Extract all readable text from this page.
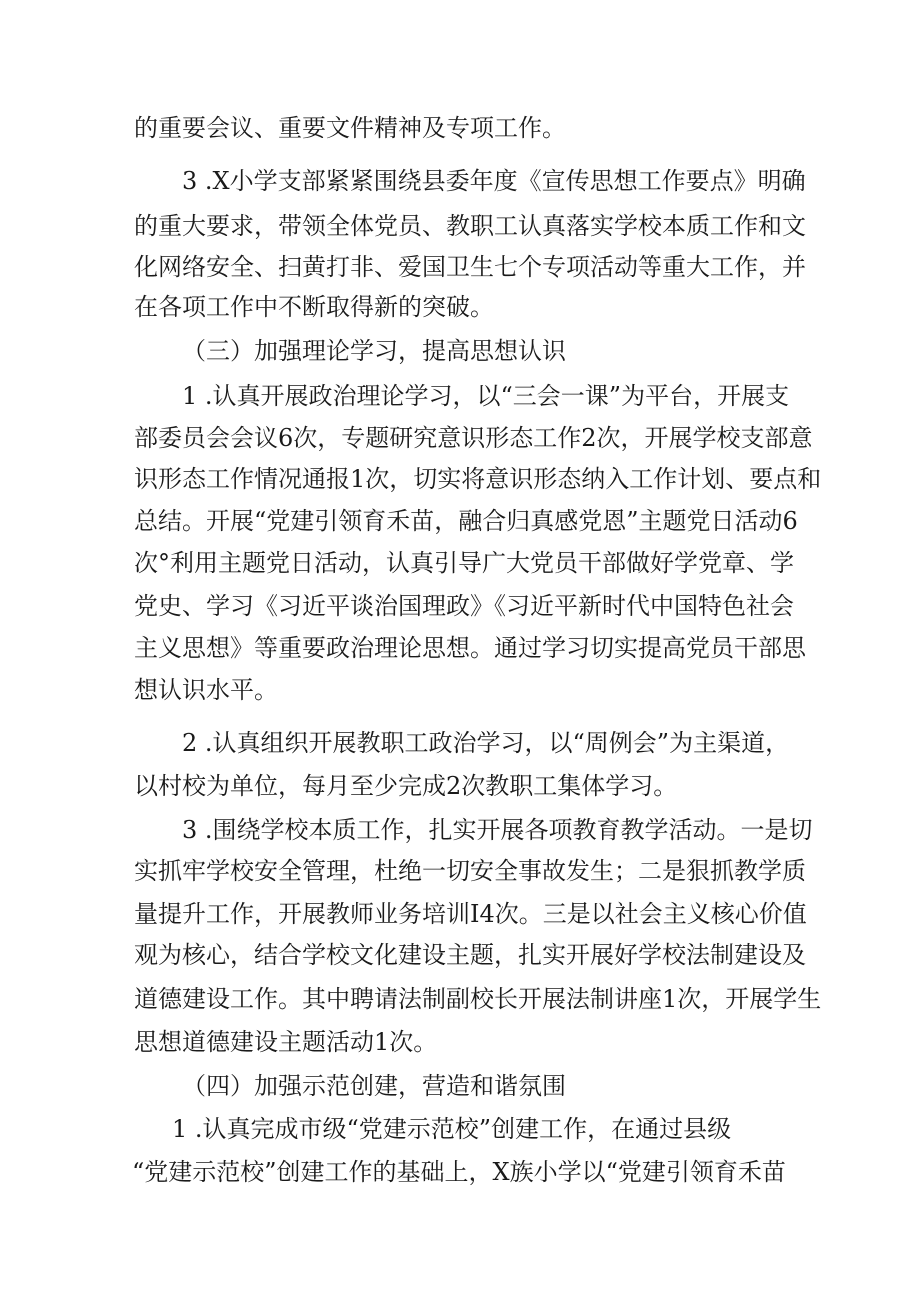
的重要会议、重要文件精神及专项工作。
3 .X小学支部紧紧围绕县委年度《宣传思想工作要点》明确
的重大要求，带领全体党员、教职工认真落实学校本质工作和文
化网络安全、扫黄打非、爱国卫生七个专项活动等重大工作，并
在各项工作中不断取得新的突破。
（三）加强理论学习，提高思想认识
1 .认真开展政治理论学习，以“三会一课”为平台，开展支
部委员会会议6次，专题研究意识形态工作2次，开展学校支部意
识形态工作情况通报1次，切实将意识形态纳入工作计划、要点和
总结。开展“党建引领育禾苗，融合归真感党恩”主题党日活动6
次°利用主题党日活动，认真引导广大党员干部做好学党章、学
党史、学习《习近平谈治国理政》《习近平新时代中国特色社会
主义思想》等重要政治理论思想。通过学习切实提高党员干部思
想认识水平。
2 .认真组织开展教职工政治学习，以“周例会”为主渠道，
以村校为单位，每月至少完成2次教职工集体学习。
3 .围绕学校本质工作，扎实开展各项教育教学活动。一是切
实抓牢学校安全管理，杜绝一切安全事故发生；二是狠抓教学质
量提升工作，开展教师业务培训I4次。三是以社会主义核心价值
观为核心，结合学校文化建设主题，扎实开展好学校法制建设及
道德建设工作。其中聘请法制副校长开展法制讲座1次，开展学生
思想道德建设主题活动1次。
（四）加强示范创建，营造和谐氛围
1 .认真完成市级“党建示范校”创建工作，在通过县级
“党建示范校”创建工作的基础上，X族小学以“党建引领育禾苗
